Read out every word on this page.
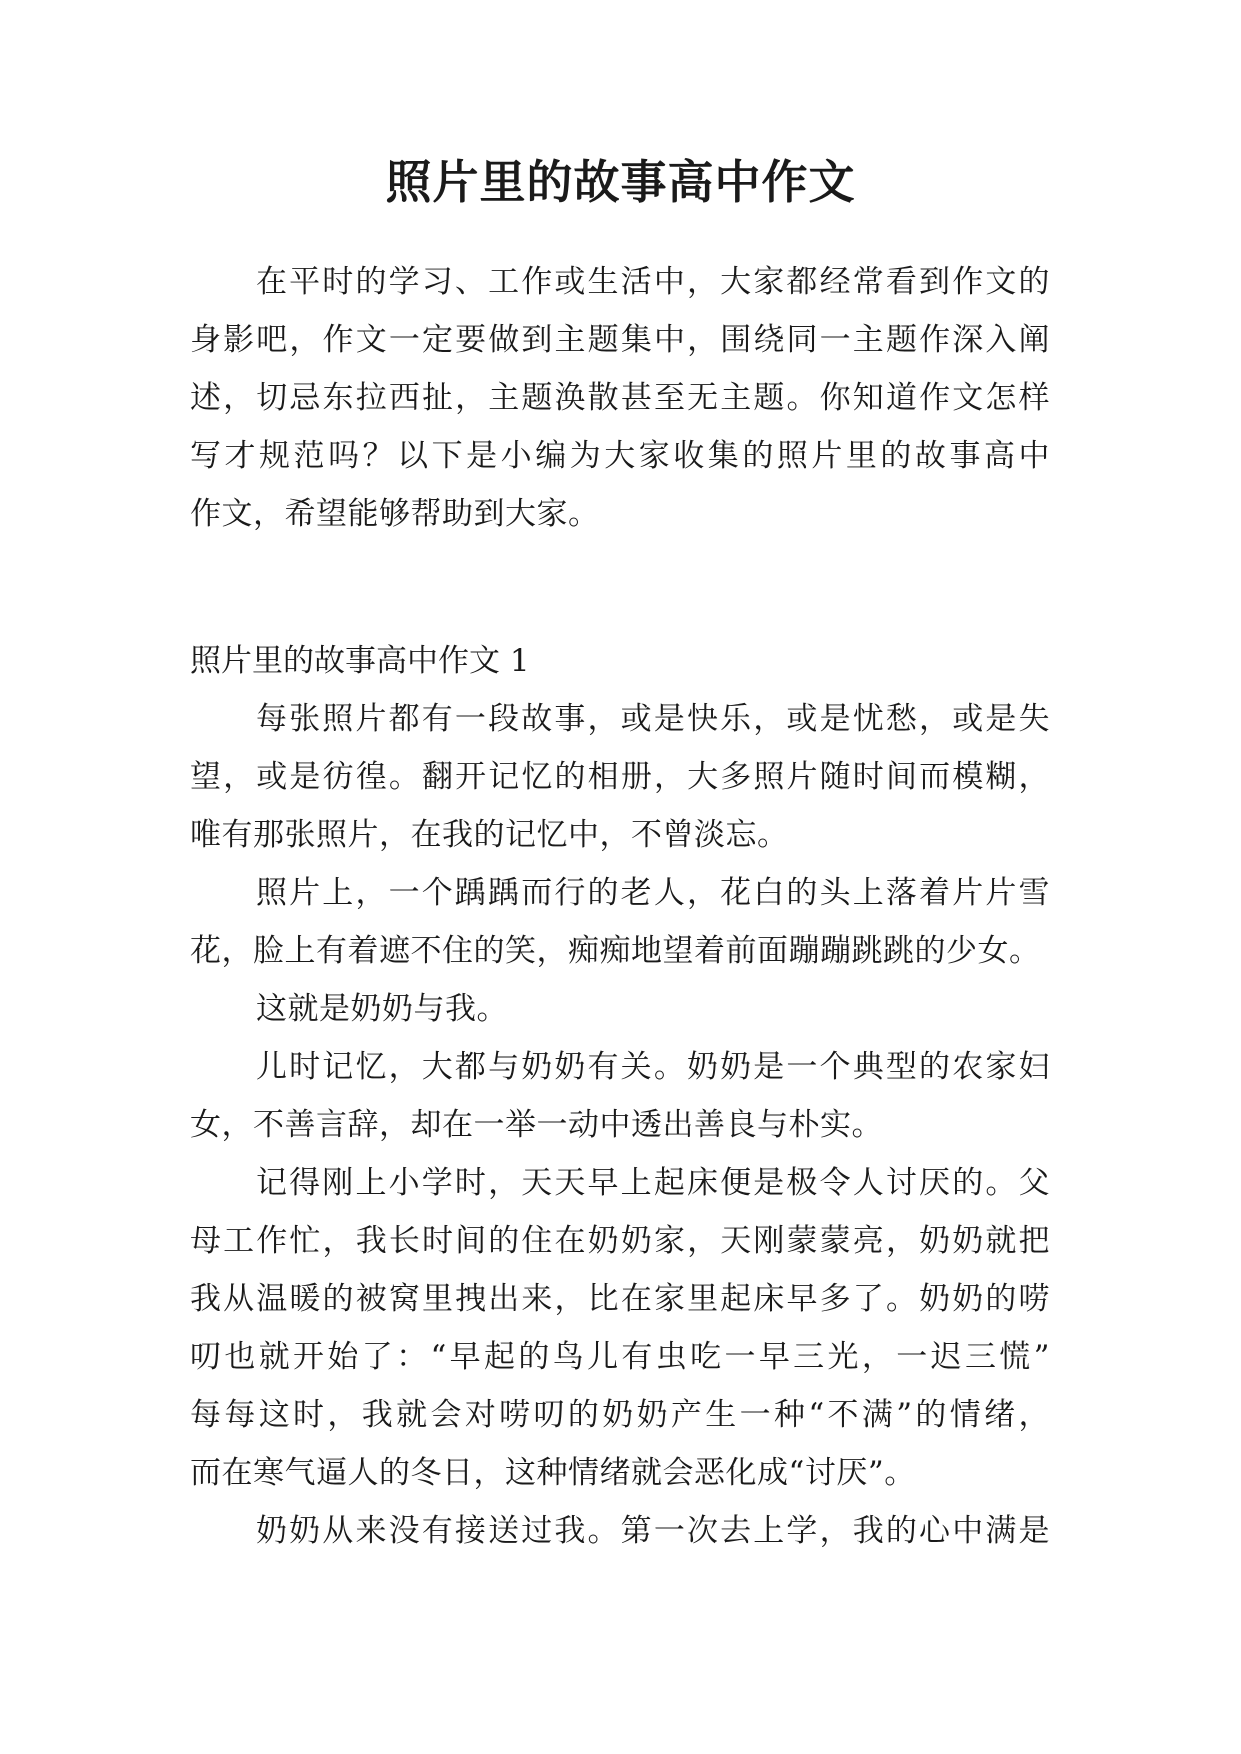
照片里的故事高中作文

在平时的学习、工作或生活中，大家都经常看到作文的

身影吧，作文一定要做到主题集中，围绕同一主题作深入阐

述，切忌东拉西扯，主题涣散甚至无主题。你知道作文怎样

写才规范吗？以下是小编为大家收集的照片里的故事高中

作文，希望能够帮助到大家。

照片里的故事高中作文 1

每张照片都有一段故事，或是快乐，或是忧愁，或是失

望，或是彷徨。翻开记忆的相册，大多照片随时间而模糊，

唯有那张照片，在我的记忆中，不曾淡忘。

照片上，一个踽踽而行的老人，花白的头上落着片片雪

花，脸上有着遮不住的笑，痴痴地望着前面蹦蹦跳跳的少女。

这就是奶奶与我。

儿时记忆，大都与奶奶有关。奶奶是一个典型的农家妇

女，不善言辞，却在一举一动中透出善良与朴实。

记得刚上小学时，天天早上起床便是极令人讨厌的。父

母工作忙，我长时间的住在奶奶家，天刚蒙蒙亮，奶奶就把

我从温暖的被窝里拽出来，比在家里起床早多了。奶奶的唠

叨也就开始了：“早起的鸟儿有虫吃一早三光，一迟三慌”

每每这时，我就会对唠叨的奶奶产生一种“不满”的情绪，

而在寒气逼人的冬日，这种情绪就会恶化成“讨厌”。

奶奶从来没有接送过我。第一次去上学，我的心中满是
